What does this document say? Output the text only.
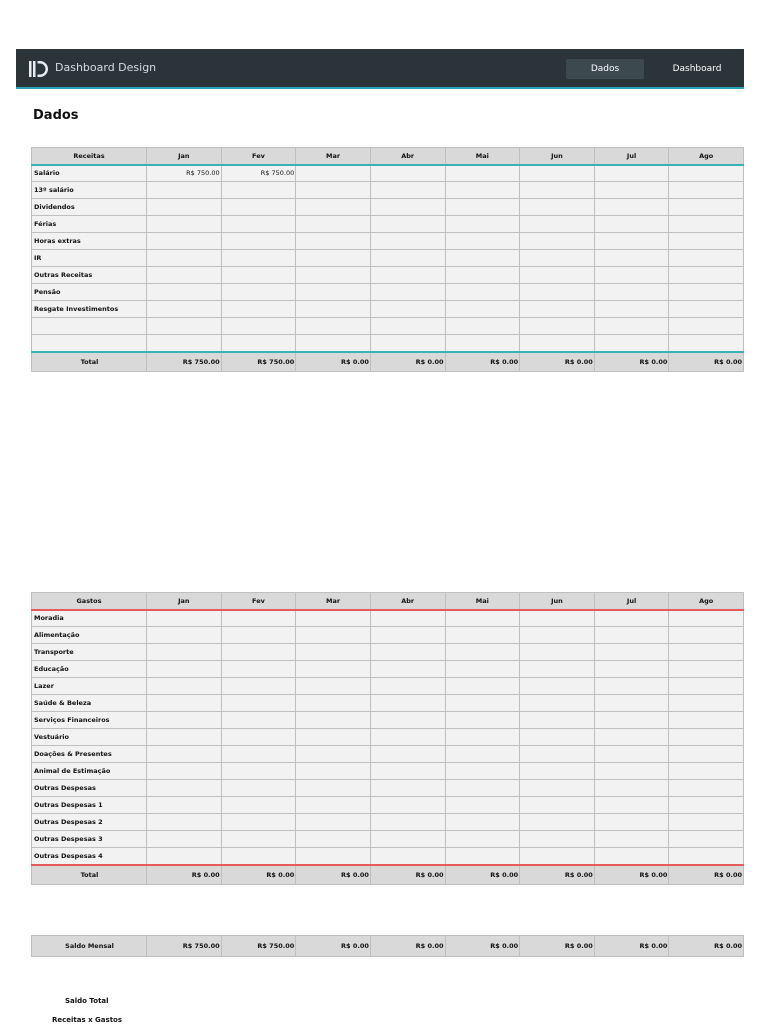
Dashboard Design	Dados	Dashboard
Dados
Receitas	Jan	Fev	Mar	Abr	Mai	Jun	Jul	Ago
Salário	R$ 750.00	R$ 750.00						
13º salário								
Dividendos								
Férias								
Horas extras								
IR								
Outras Receitas								
Pensão								
Resgate Investimentos								

Total	R$ 750.00	R$ 750.00	R$ 0.00	R$ 0.00	R$ 0.00	R$ 0.00	R$ 0.00	R$ 0.00
Gastos	Jan	Fev	Mar	Abr	Mai	Jun	Jul	Ago
Moradia								
Alimentação								
Transporte								
Educação								
Lazer								
Saúde & Beleza								
Serviços Financeiros								
Vestuário								
Doações & Presentes								
Animal de Estimação								
Outras Despesas								
Outras Despesas 1								
Outras Despesas 2								
Outras Despesas 3								
Outras Despesas 4								
Total	R$ 0.00	R$ 0.00	R$ 0.00	R$ 0.00	R$ 0.00	R$ 0.00	R$ 0.00	R$ 0.00
Saldo Mensal	R$ 750.00	R$ 750.00	R$ 0.00	R$ 0.00	R$ 0.00	R$ 0.00	R$ 0.00	R$ 0.00
Saldo Total
Receitas x Gastos
